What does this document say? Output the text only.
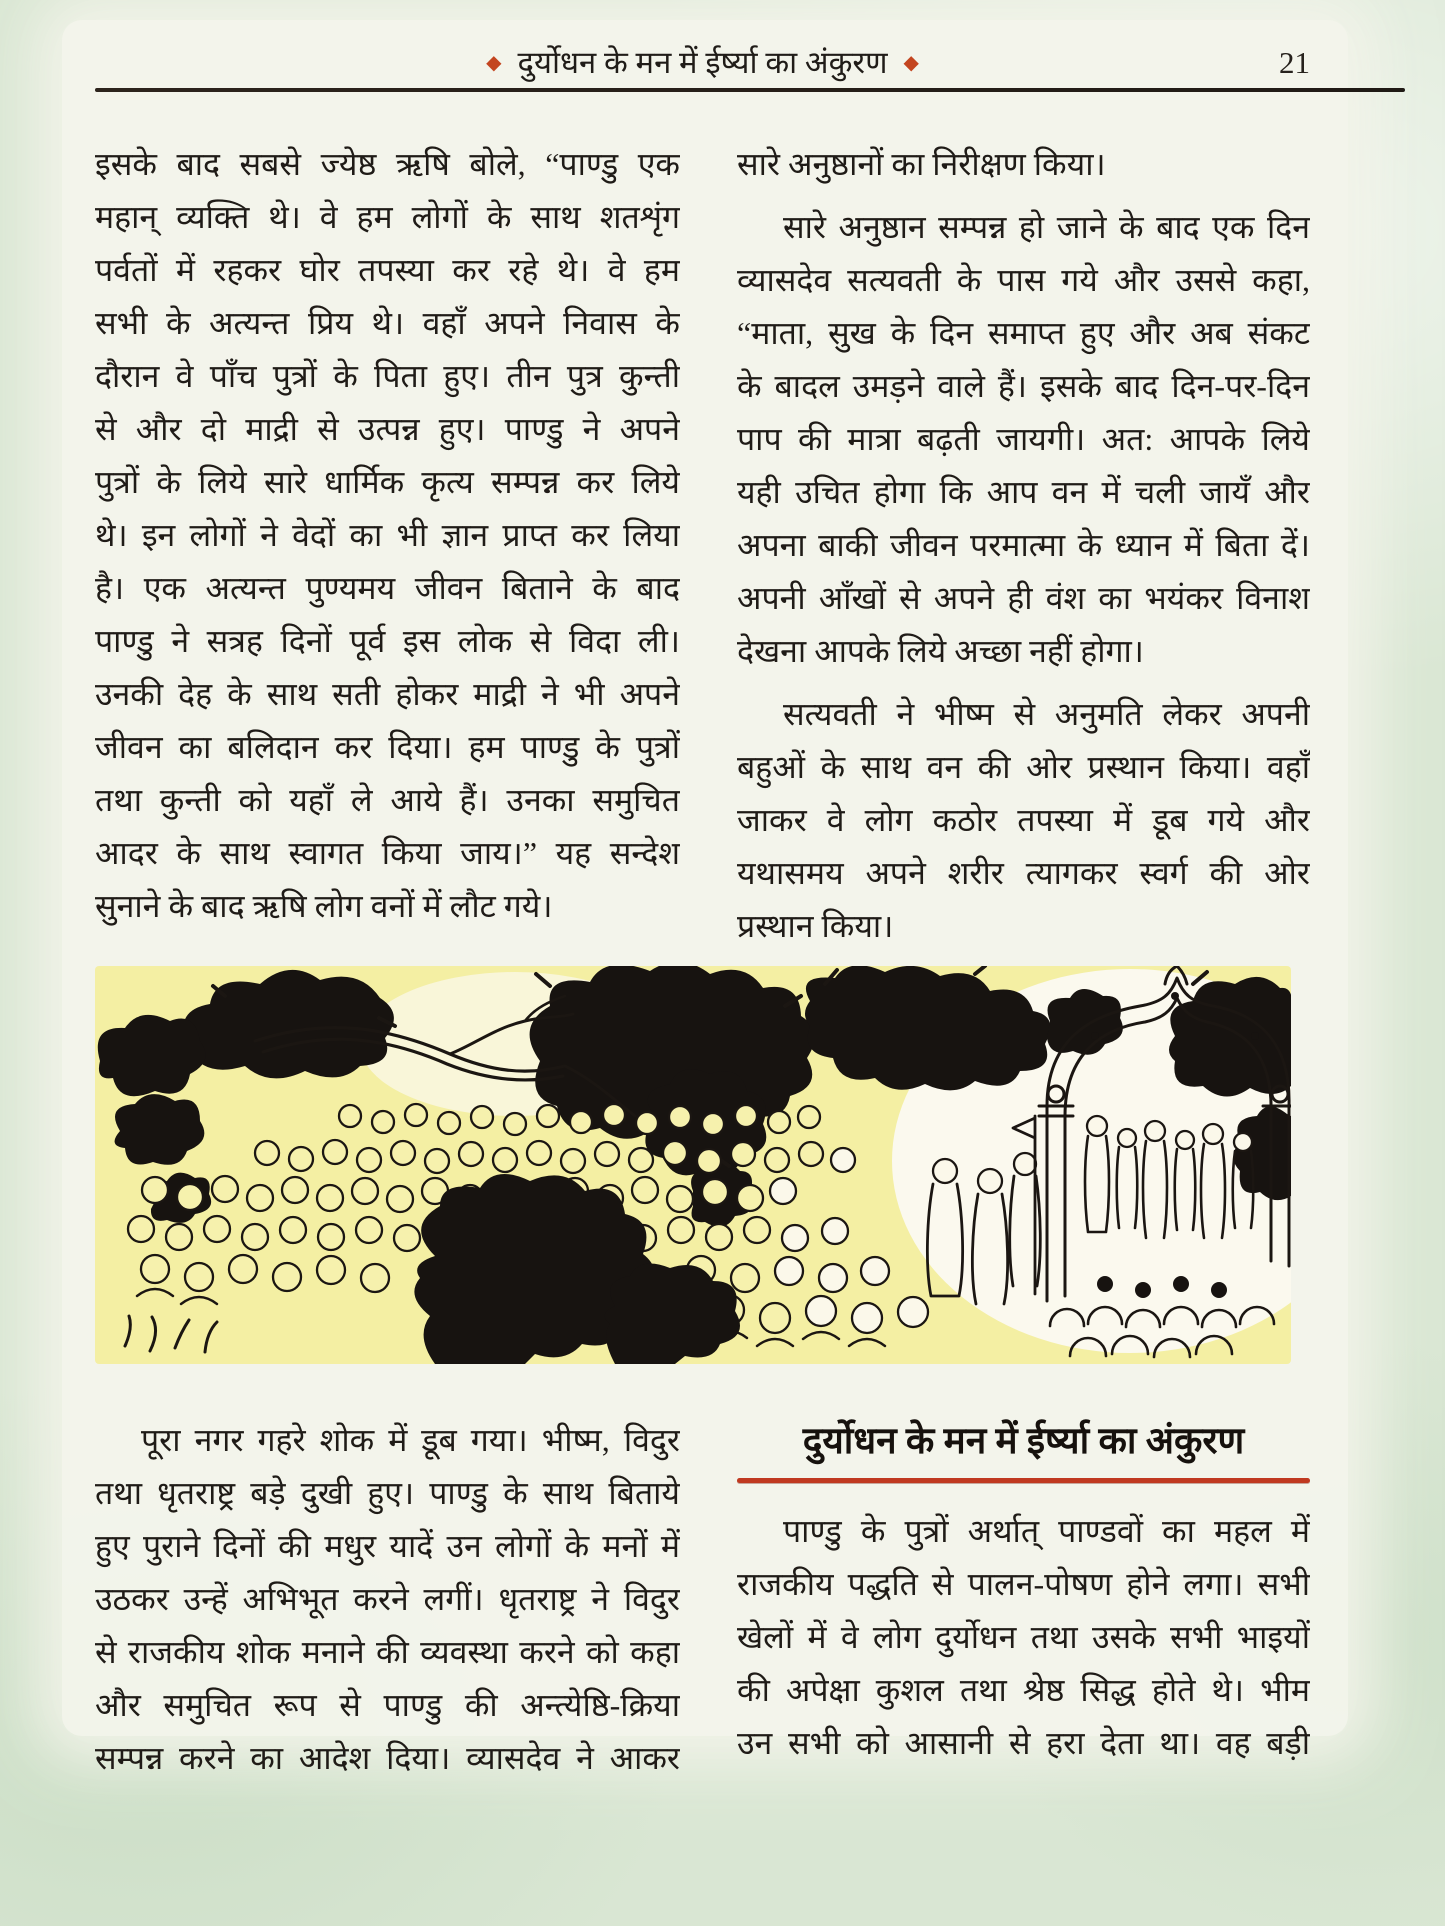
◆ दुर्योधन के मन में ईर्ष्या का अंकुरण ◆	21
इसके बाद सबसे ज्येष्ठ ऋषि बोले, “पाण्डु एक
महान् व्यक्ति थे। वे हम लोगों के साथ शतशृंग
पर्वतों में रहकर घोर तपस्या कर रहे थे। वे हम
सभी के अत्यन्त प्रिय थे। वहाँ अपने निवास के
दौरान वे पाँच पुत्रों के पिता हुए। तीन पुत्र कुन्ती
से और दो माद्री से उत्पन्न हुए। पाण्डु ने अपने
पुत्रों के लिये सारे धार्मिक कृत्य सम्पन्न कर लिये
थे। इन लोगों ने वेदों का भी ज्ञान प्राप्त कर लिया
है। एक अत्यन्त पुण्यमय जीवन बिताने के बाद
पाण्डु ने सत्रह दिनों पूर्व इस लोक से विदा ली।
उनकी देह के साथ सती होकर माद्री ने भी अपने
जीवन का बलिदान कर दिया। हम पाण्डु के पुत्रों
तथा कुन्ती को यहाँ ले आये हैं। उनका समुचित
आदर के साथ स्वागत किया जाय।” यह सन्देश
सुनाने के बाद ऋषि लोग वनों में लौट गये।
सारे अनुष्ठानों का निरीक्षण किया।
सारे अनुष्ठान सम्पन्न हो जाने के बाद एक दिन
व्यासदेव सत्यवती के पास गये और उससे कहा,
“माता, सुख के दिन समाप्त हुए और अब संकट
के बादल उमड़ने वाले हैं। इसके बाद दिन-पर-दिन
पाप की मात्रा बढ़ती जायगी। अत: आपके लिये
यही उचित होगा कि आप वन में चली जायँ और
अपना बाकी जीवन परमात्मा के ध्यान में बिता दें।
अपनी आँखों से अपने ही वंश का भयंकर विनाश
देखना आपके लिये अच्छा नहीं होगा।
सत्यवती ने भीष्म से अनुमति लेकर अपनी
बहुओं के साथ वन की ओर प्रस्थान किया। वहाँ
जाकर वे लोग कठोर तपस्या में डूब गये और
यथासमय अपने शरीर त्यागकर स्वर्ग की ओर
प्रस्थान किया।
पूरा नगर गहरे शोक में डूब गया। भीष्म, विदुर
तथा धृतराष्ट्र बड़े दुखी हुए। पाण्डु के साथ बिताये
हुए पुराने दिनों की मधुर यादें उन लोगों के मनों में
उठकर उन्हें अभिभूत करने लगीं। धृतराष्ट्र ने विदुर
से राजकीय शोक मनाने की व्यवस्था करने को कहा
और समुचित रूप से पाण्डु की अन्त्येष्ठि-क्रिया
सम्पन्न करने का आदेश दिया। व्यासदेव ने आकर
दुर्योधन के मन में ईर्ष्या का अंकुरण
पाण्डु के पुत्रों अर्थात् पाण्डवों का महल में
राजकीय पद्धति से पालन-पोषण होने लगा। सभी
खेलों में वे लोग दुर्योधन तथा उसके सभी भाइयों
की अपेक्षा कुशल तथा श्रेष्ठ सिद्ध होते थे। भीम
उन सभी को आसानी से हरा देता था। वह बड़ी
